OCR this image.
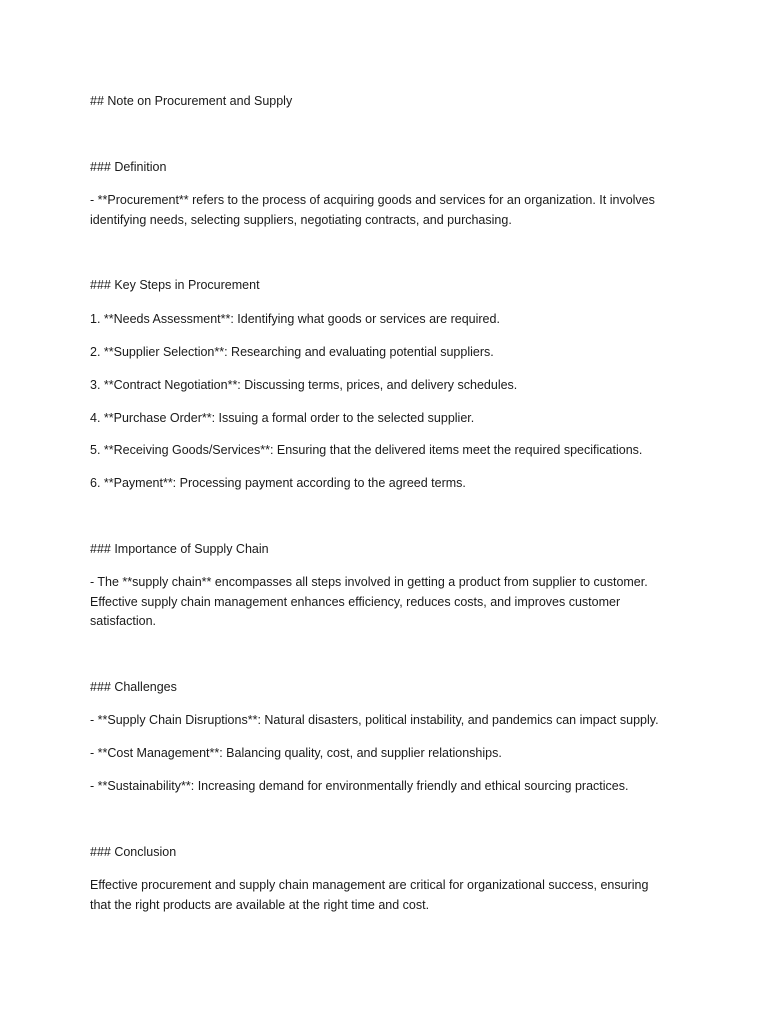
## Note on Procurement and Supply
### Definition
- **Procurement** refers to the process of acquiring goods and services for an organization. It involves
identifying needs, selecting suppliers, negotiating contracts, and purchasing.
### Key Steps in Procurement
1. **Needs Assessment**: Identifying what goods or services are required.
2. **Supplier Selection**: Researching and evaluating potential suppliers.
3. **Contract Negotiation**: Discussing terms, prices, and delivery schedules.
4. **Purchase Order**: Issuing a formal order to the selected supplier.
5. **Receiving Goods/Services**: Ensuring that the delivered items meet the required specifications.
6. **Payment**: Processing payment according to the agreed terms.
### Importance of Supply Chain
- The **supply chain** encompasses all steps involved in getting a product from supplier to customer.
Effective supply chain management enhances efficiency, reduces costs, and improves customer
satisfaction.
### Challenges
- **Supply Chain Disruptions**: Natural disasters, political instability, and pandemics can impact supply.
- **Cost Management**: Balancing quality, cost, and supplier relationships.
- **Sustainability**: Increasing demand for environmentally friendly and ethical sourcing practices.
### Conclusion
Effective procurement and supply chain management are critical for organizational success, ensuring
that the right products are available at the right time and cost.
